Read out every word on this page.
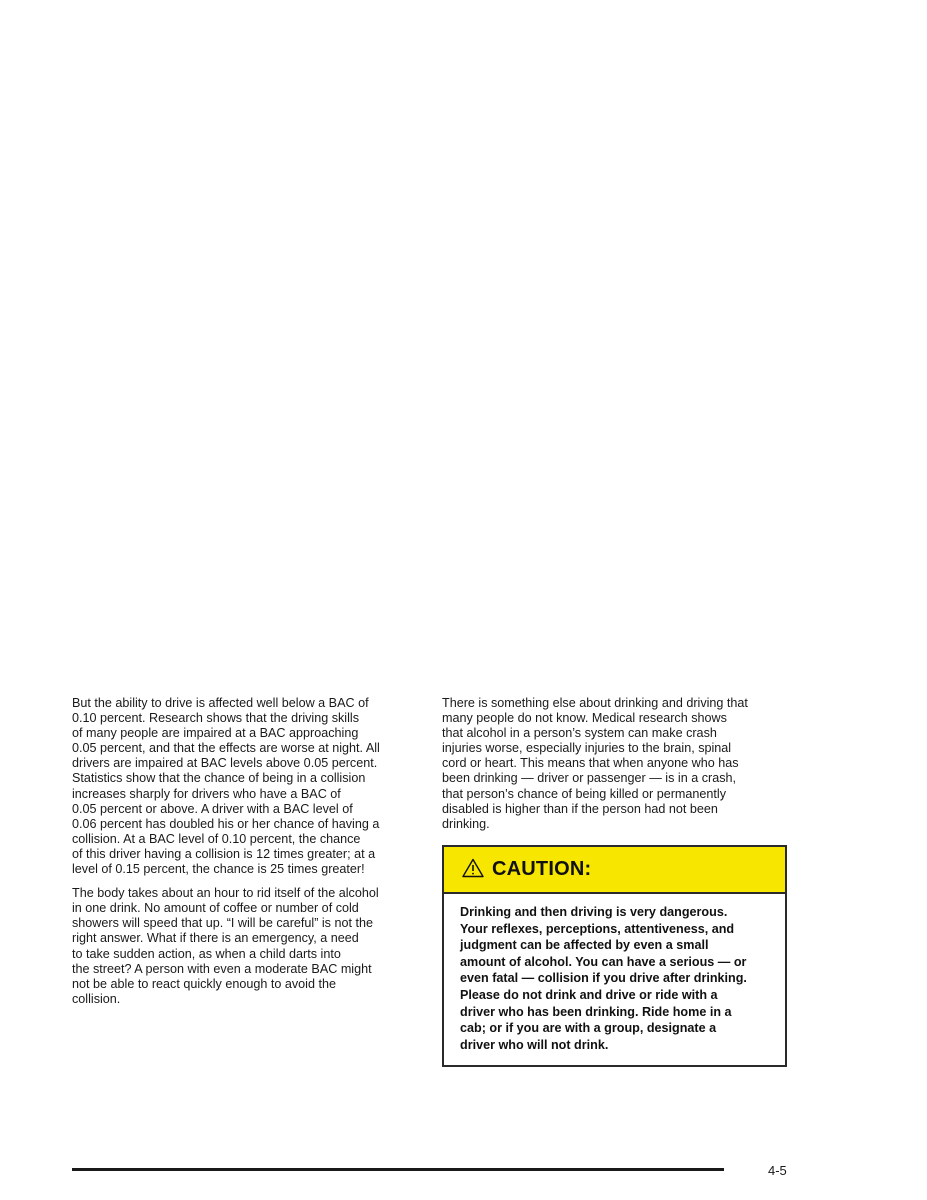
But the ability to drive is affected well below a BAC of
0.10 percent. Research shows that the driving skills
of many people are impaired at a BAC approaching
0.05 percent, and that the effects are worse at night. All
drivers are impaired at BAC levels above 0.05 percent.
Statistics show that the chance of being in a collision
increases sharply for drivers who have a BAC of
0.05 percent or above. A driver with a BAC level of
0.06 percent has doubled his or her chance of having a
collision. At a BAC level of 0.10 percent, the chance
of this driver having a collision is 12 times greater; at a
level of 0.15 percent, the chance is 25 times greater!

The body takes about an hour to rid itself of the alcohol
in one drink. No amount of coffee or number of cold
showers will speed that up. “I will be careful” is not the
right answer. What if there is an emergency, a need
to take sudden action, as when a child darts into
the street? A person with even a moderate BAC might
not be able to react quickly enough to avoid the
collision.

There is something else about drinking and driving that
many people do not know. Medical research shows
that alcohol in a person’s system can make crash
injuries worse, especially injuries to the brain, spinal
cord or heart. This means that when anyone who has
been drinking — driver or passenger — is in a crash,
that person’s chance of being killed or permanently
disabled is higher than if the person had not been
drinking.

CAUTION:
Drinking and then driving is very dangerous.
Your reflexes, perceptions, attentiveness, and
judgment can be affected by even a small
amount of alcohol. You can have a serious — or
even fatal — collision if you drive after drinking.
Please do not drink and drive or ride with a
driver who has been drinking. Ride home in a
cab; or if you are with a group, designate a
driver who will not drink.
4-5
